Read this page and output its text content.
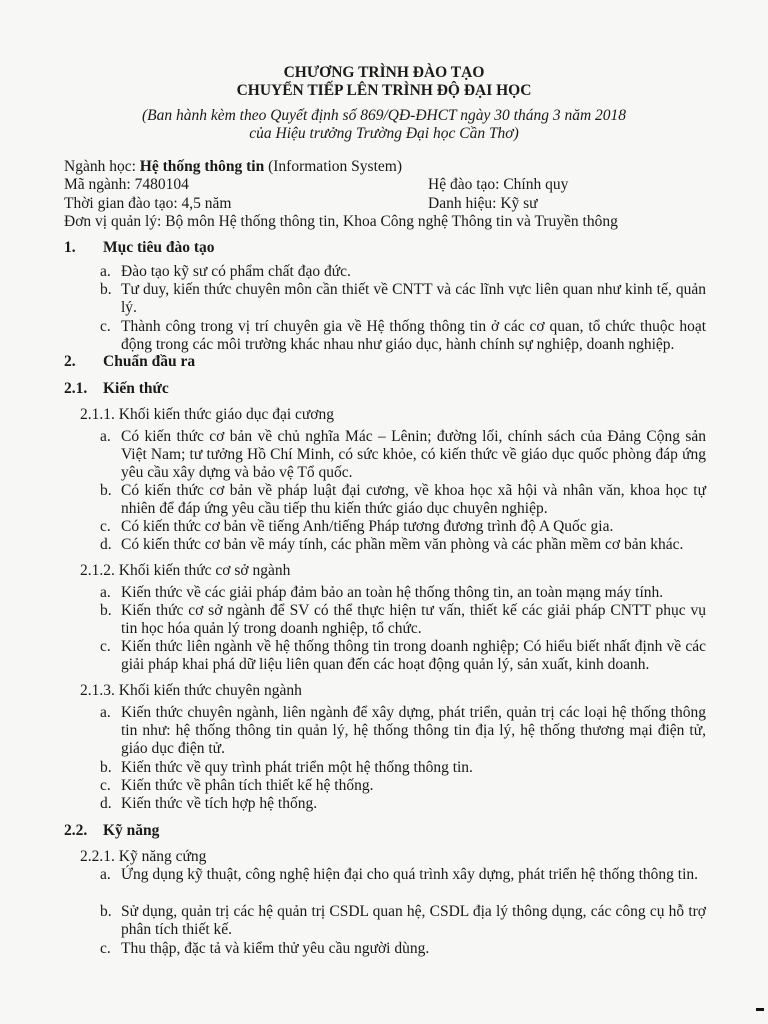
CHƯƠNG TRÌNH ĐÀO TẠO
CHUYỂN TIẾP LÊN TRÌNH ĐỘ ĐẠI HỌC
(Ban hành kèm theo Quyết định số 869/QĐ-ĐHCT ngày 30 tháng 3 năm 2018
của Hiệu trưởng Trường Đại học Cần Thơ)
Ngành học: Hệ thống thông tin (Information System)
Mã ngành: 7480104	Hệ đào tạo: Chính quy
Thời gian đào tạo: 4,5 năm	Danh hiệu: Kỹ sư
Đơn vị quản lý: Bộ môn Hệ thống thông tin, Khoa Công nghệ Thông tin và Truyền thông
1. Mục tiêu đào tạo
a. Đào tạo kỹ sư có phẩm chất đạo đức.
b. Tư duy, kiến thức chuyên môn cần thiết về CNTT và các lĩnh vực liên quan như kinh tế, quản lý.
c. Thành công trong vị trí chuyên gia về Hệ thống thông tin ở các cơ quan, tổ chức thuộc hoạt động trong các môi trường khác nhau như giáo dục, hành chính sự nghiệp, doanh nghiệp.
2. Chuẩn đầu ra
2.1. Kiến thức
2.1.1. Khối kiến thức giáo dục đại cương
a. Có kiến thức cơ bản về chủ nghĩa Mác – Lênin; đường lối, chính sách của Đảng Cộng sản Việt Nam; tư tưởng Hồ Chí Minh, có sức khỏe, có kiến thức về giáo dục quốc phòng đáp ứng yêu cầu xây dựng và bảo vệ Tổ quốc.
b. Có kiến thức cơ bản về pháp luật đại cương, về khoa học xã hội và nhân văn, khoa học tự nhiên để đáp ứng yêu cầu tiếp thu kiến thức giáo dục chuyên nghiệp.
c. Có kiến thức cơ bản về tiếng Anh/tiếng Pháp tương đương trình độ A Quốc gia.
d. Có kiến thức cơ bản về máy tính, các phần mềm văn phòng và các phần mềm cơ bản khác.
2.1.2. Khối kiến thức cơ sở ngành
a. Kiến thức về các giải pháp đảm bảo an toàn hệ thống thông tin, an toàn mạng máy tính.
b. Kiến thức cơ sở ngành để SV có thể thực hiện tư vấn, thiết kế các giải pháp CNTT phục vụ tin học hóa quản lý trong doanh nghiệp, tổ chức.
c. Kiến thức liên ngành về hệ thống thông tin trong doanh nghiệp; Có hiểu biết nhất định về các giải pháp khai phá dữ liệu liên quan đến các hoạt động quản lý, sản xuất, kinh doanh.
2.1.3. Khối kiến thức chuyên ngành
a. Kiến thức chuyên ngành, liên ngành để xây dựng, phát triển, quản trị các loại hệ thống thông tin như: hệ thống thông tin quản lý, hệ thống thông tin địa lý, hệ thống thương mại điện tử, giáo dục điện tử.
b. Kiến thức về quy trình phát triển một hệ thống thông tin.
c. Kiến thức về phân tích thiết kế hệ thống.
d. Kiến thức về tích hợp hệ thống.
2.2. Kỹ năng
2.2.1. Kỹ năng cứng
a. Ứng dụng kỹ thuật, công nghệ hiện đại cho quá trình xây dựng, phát triển hệ thống thông tin.
b. Sử dụng, quản trị các hệ quản trị CSDL quan hệ, CSDL địa lý thông dụng, các công cụ hỗ trợ phân tích thiết kế.
c. Thu thập, đặc tả và kiểm thử yêu cầu người dùng.
